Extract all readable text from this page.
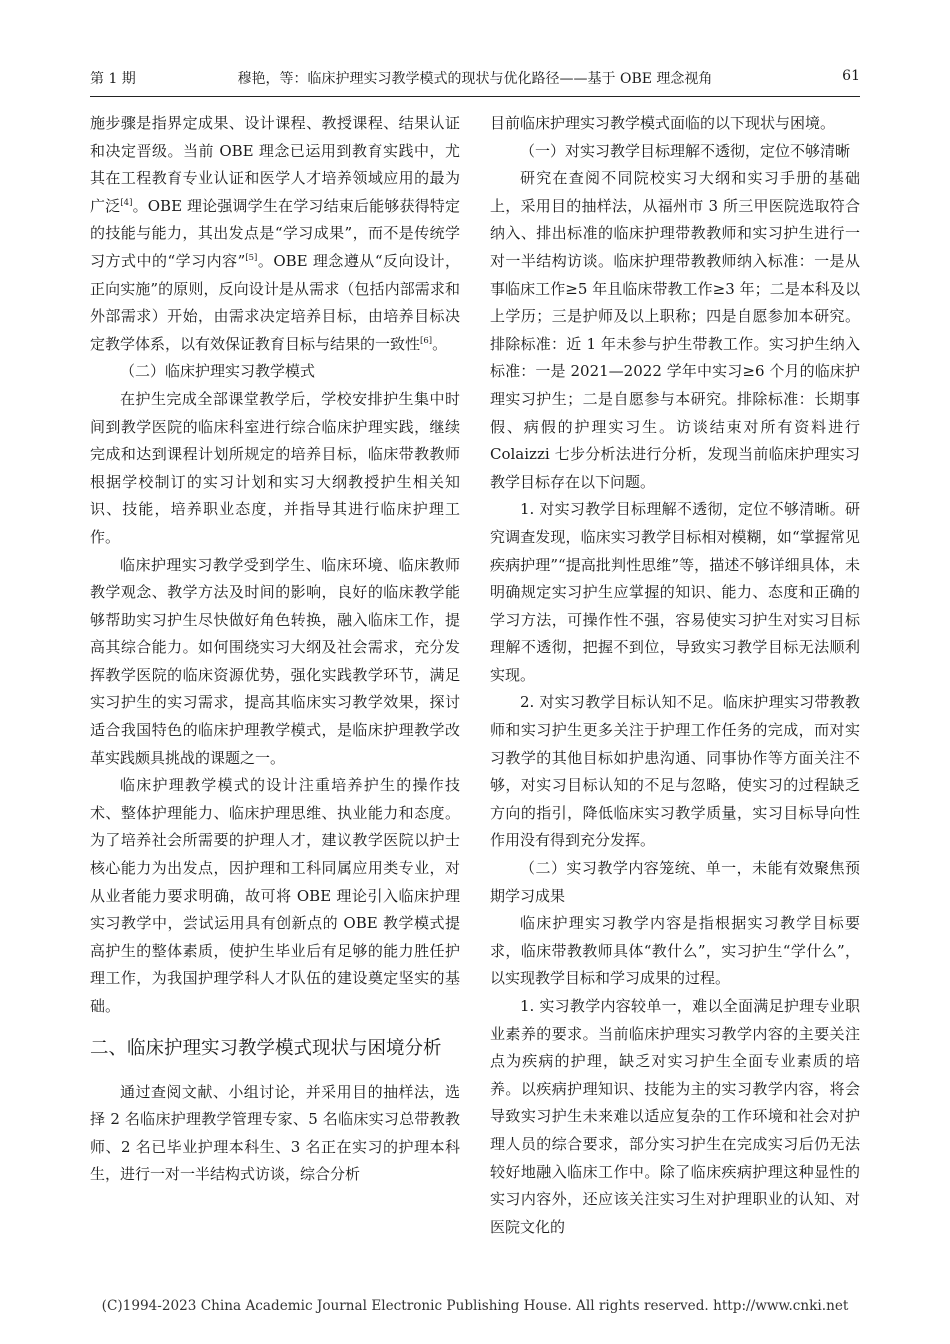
第 1 期	穆艳，等：临床护理实习教学模式的现状与优化路径——基于 OBE 理念视角	61

施步骤是指界定成果、设计课程、教授课程、结果认证和决定晋级。当前 OBE 理念已运用到教育实践中，尤其在工程教育专业认证和医学人才培养领域应用的最为广泛[4]。OBE 理论强调学生在学习结束后能够获得特定的技能与能力，其出发点是“学习成果”，而不是传统学习方式中的“学习内容”[5]。OBE 理念遵从“反向设计，正向实施”的原则，反向设计是从需求（包括内部需求和外部需求）开始，由需求决定培养目标，由培养目标决定教学体系，以有效保证教育目标与结果的一致性[6]。

（二）临床护理实习教学模式

在护生完成全部课堂教学后，学校安排护生集中时间到教学医院的临床科室进行综合临床护理实践，继续完成和达到课程计划所规定的培养目标，临床带教教师根据学校制订的实习计划和实习大纲教授护生相关知识、技能，培养职业态度，并指导其进行临床护理工作。

临床护理实习教学受到学生、临床环境、临床教师教学观念、教学方法及时间的影响，良好的临床教学能够帮助实习护生尽快做好角色转换，融入临床工作，提高其综合能力。如何围绕实习大纲及社会需求，充分发挥教学医院的临床资源优势，强化实践教学环节，满足实习护生的实习需求，提高其临床实习教学效果，探讨适合我国特色的临床护理教学模式，是临床护理教学改革实践颇具挑战的课题之一。

临床护理教学模式的设计注重培养护生的操作技术、整体护理能力、临床护理思维、执业能力和态度。为了培养社会所需要的护理人才，建议教学医院以护士核心能力为出发点，因护理和工科同属应用类专业，对从业者能力要求明确，故可将 OBE 理论引入临床护理实习教学中，尝试运用具有创新点的 OBE 教学模式提高护生的整体素质，使护生毕业后有足够的能力胜任护理工作，为我国护理学科人才队伍的建设奠定坚实的基础。

二、临床护理实习教学模式现状与困境分析

通过查阅文献、小组讨论，并采用目的抽样法，选择 2 名临床护理教学管理专家、5 名临床实习总带教教师、2 名已毕业护理本科生、3 名正在实习的护理本科生，进行一对一半结构式访谈，综合分析

目前临床护理实习教学模式面临的以下现状与困境。

（一）对实习教学目标理解不透彻，定位不够清晰

研究在查阅不同院校实习大纲和实习手册的基础上，采用目的抽样法，从福州市 3 所三甲医院选取符合纳入、排出标准的临床护理带教教师和实习护生进行一对一半结构访谈。临床护理带教教师纳入标准：一是从事临床工作≥5 年且临床带教工作≥3 年；二是本科及以上学历；三是护师及以上职称；四是自愿参加本研究。排除标准：近 1 年未参与护生带教工作。实习护生纳入标准：一是 2021—2022 学年中实习≥6 个月的临床护理实习护生；二是自愿参与本研究。排除标准：长期事假、病假的护理实习生。访谈结束对所有资料进行 Colaizzi 七步分析法进行分析，发现当前临床护理实习教学目标存在以下问题。

1. 对实习教学目标理解不透彻，定位不够清晰。研究调查发现，临床实习教学目标相对模糊，如“掌握常见疾病护理”“提高批判性思维”等，描述不够详细具体，未明确规定实习护生应掌握的知识、能力、态度和正确的学习方法，可操作性不强，容易使实习护生对实习目标理解不透彻，把握不到位，导致实习教学目标无法顺利实现。

2. 对实习教学目标认知不足。临床护理实习带教教师和实习护生更多关注于护理工作任务的完成，而对实习教学的其他目标如护患沟通、同事协作等方面关注不够，对实习目标认知的不足与忽略，使实习的过程缺乏方向的指引，降低临床实习教学质量，实习目标导向性作用没有得到充分发挥。

（二）实习教学内容笼统、单一，未能有效聚焦预期学习成果

临床护理实习教学内容是指根据实习教学目标要求，临床带教教师具体“教什么”，实习护生“学什么”，以实现教学目标和学习成果的过程。

1. 实习教学内容较单一，难以全面满足护理专业职业素养的要求。当前临床护理实习教学内容的主要关注点为疾病的护理，缺乏对实习护生全面专业素质的培养。以疾病护理知识、技能为主的实习教学内容，将会导致实习护生未来难以适应复杂的工作环境和社会对护理人员的综合要求，部分实习护生在完成实习后仍无法较好地融入临床工作中。除了临床疾病护理这种显性的实习内容外，还应该关注实习生对护理职业的认知、对医院文化的

(C)1994-2023 China Academic Journal Electronic Publishing House. All rights reserved. http://www.cnki.net
